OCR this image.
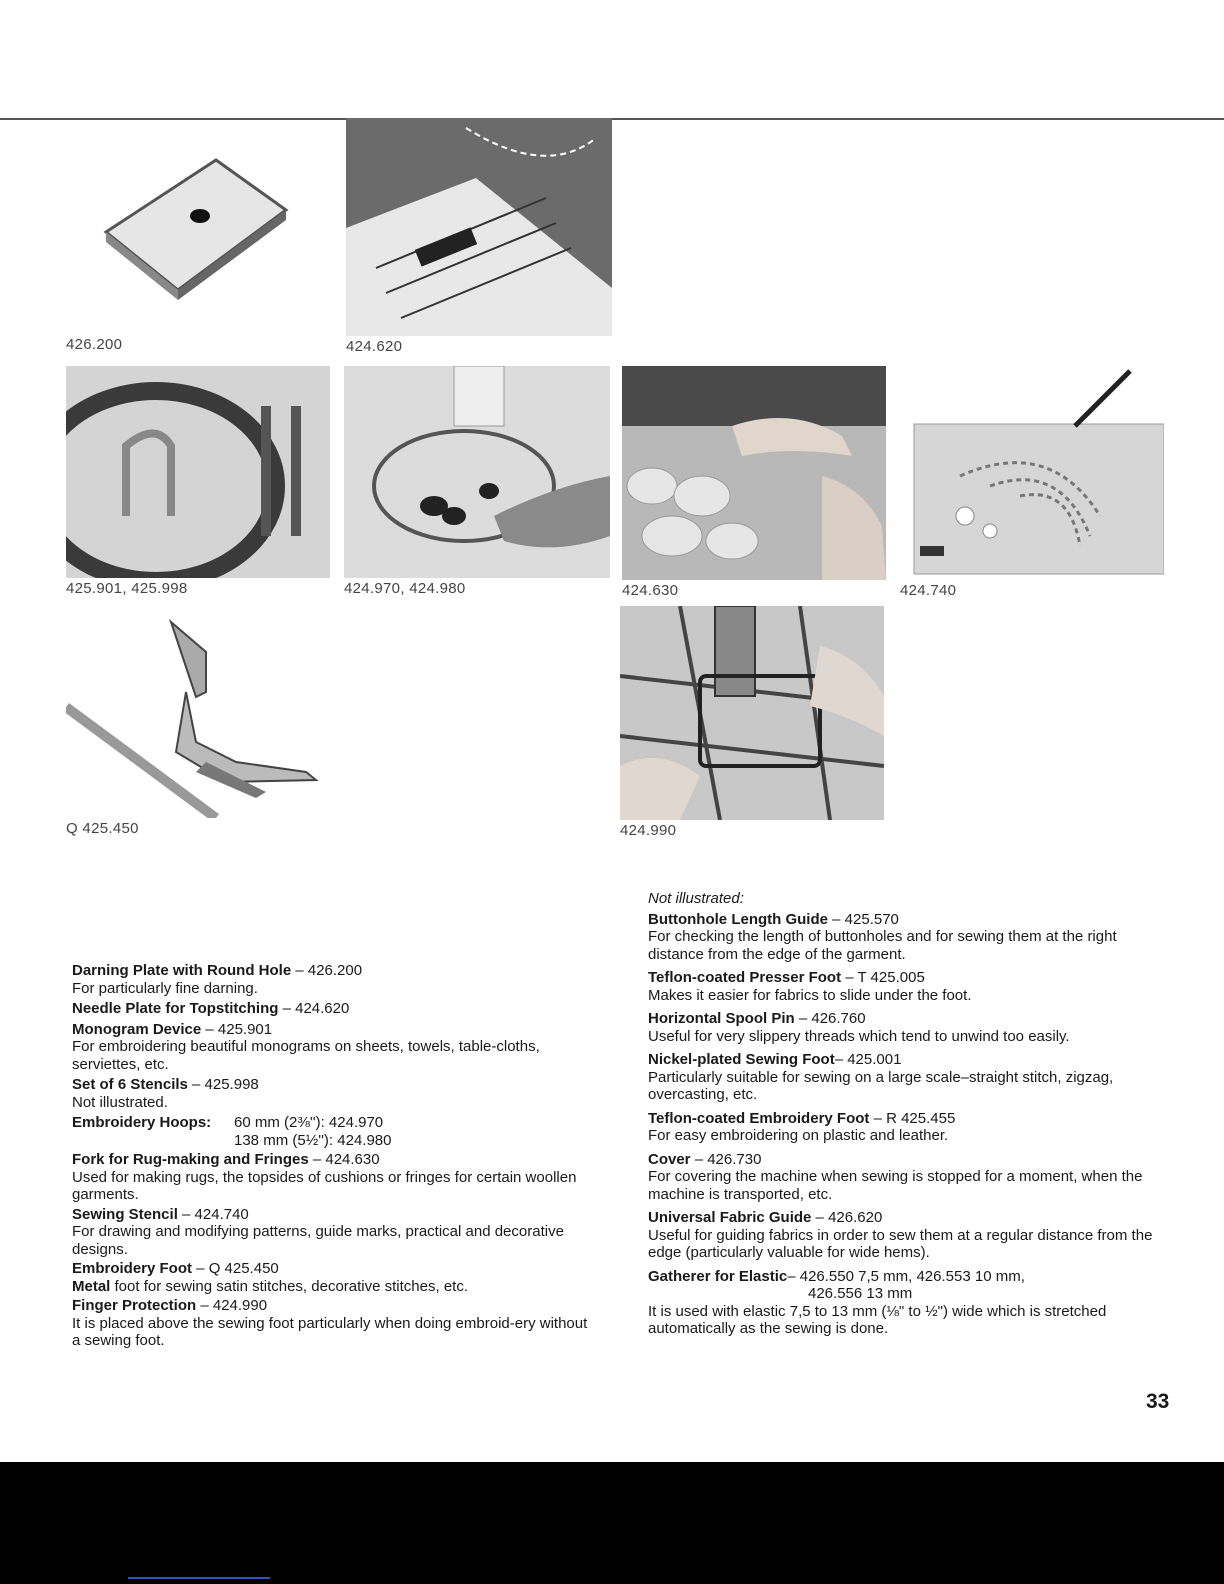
426.200	424.620
425.901, 425.998	424.970, 424.980	424.630	424.740
Q 425.450	424.990
Darning Plate with Round Hole – 426.200
For particularly fine darning.
Needle Plate for Topstitching – 424.620
Monogram Device – 425.901
For embroidering beautiful monograms on sheets, towels, table-cloths, serviettes, etc.
Set of 6 Stencils – 425.998
Not illustrated.
Embroidery Hoops:	60 mm (2⅜''): 424.970
138 mm (5½''): 424.980
Fork for Rug-making and Fringes – 424.630
Used for making rugs, the topsides of cushions or fringes for certain woollen garments.
Sewing Stencil – 424.740
For drawing and modifying patterns, guide marks, practical and decorative designs.
Embroidery Foot – Q 425.450
Metal foot for sewing satin stitches, decorative stitches, etc.
Finger Protection – 424.990
It is placed above the sewing foot particularly when doing embroid-ery without a sewing foot.
Not illustrated:
Buttonhole Length Guide – 425.570
For checking the length of buttonholes and for sewing them at the right distance from the edge of the garment.
Teflon-coated Presser Foot – T 425.005
Makes it easier for fabrics to slide under the foot.
Horizontal Spool Pin – 426.760
Useful for very slippery threads which tend to unwind too easily.
Nickel-plated Sewing Foot– 425.001
Particularly suitable for sewing on a large scale–straight stitch, zigzag, overcasting, etc.
Teflon-coated Embroidery Foot – R 425.455
For easy embroidering on plastic and leather.
Cover – 426.730
For covering the machine when sewing is stopped for a moment, when the machine is transported, etc.
Universal Fabric Guide – 426.620
Useful for guiding fabrics in order to sew them at a regular distance from the edge (particularly valuable for wide hems).
Gatherer for Elastic– 426.550 7,5 mm, 426.553 10 mm,
426.556 13 mm
It is used with elastic 7,5 to 13 mm (⅛" to ½") wide which is stretched automatically as the sewing is done.
33
